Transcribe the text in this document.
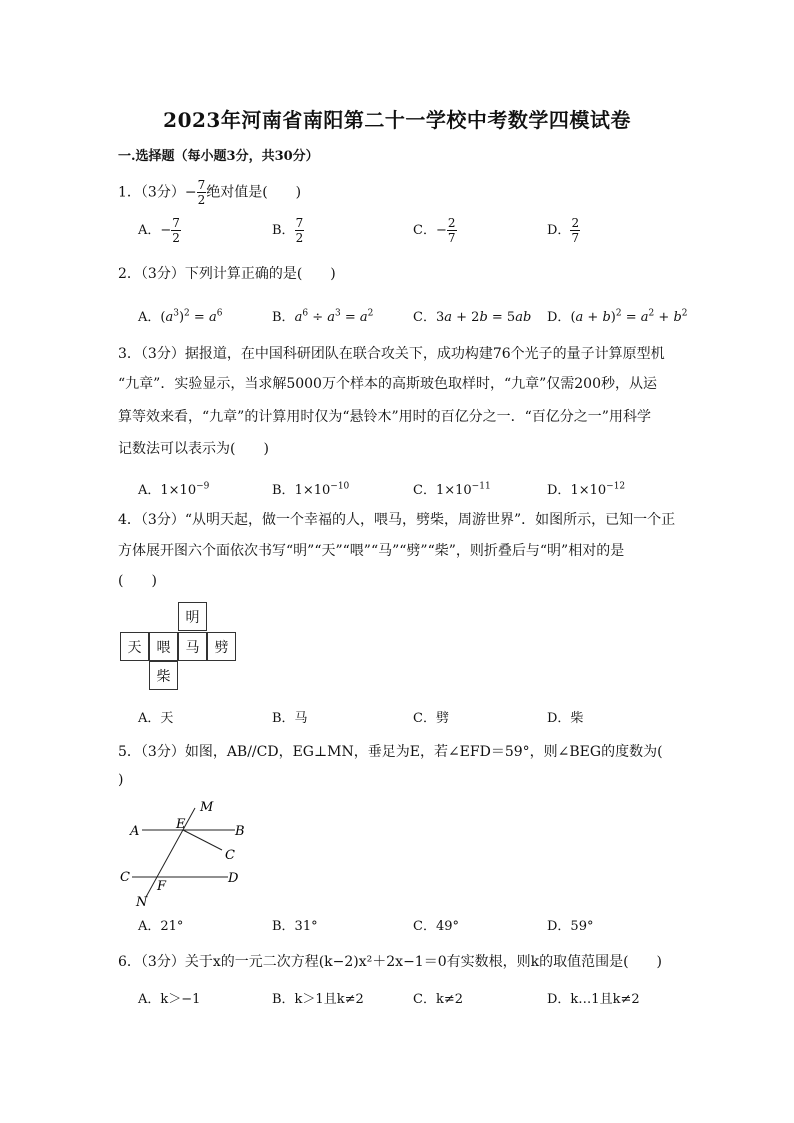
2023年河南省南阳第二十一学校中考数学四模试卷
一.选择题（每小题3分，共30分）
1．（3分）− $\frac{7}{2}$ 绝对值是(　　)
A．− $\frac{7}{2}$	B． $\frac{7}{2}$	C．− $\frac{2}{7}$	D． $\frac{2}{7}$
2．（3分）下列计算正确的是(　　)
A．$(a^3)^2 = a^6$	B．$a^6 \div a^3 = a^2$	C．3a + 2b = 5ab D．$(a + b)^2 = a^2 + b^2$
3．（3分）据报道，在中国科研团队在联合攻关下，成功构建76个光子的量子计算原型机
“九章”．实验显示，当求解5000万个样本的高斯玻色取样时，“九章”仅需200秒，从运
算等效来看，“九章”的计算用时仅为“悬铃木”用时的百亿分之一．“百亿分之一”用科学
记数法可以表示为(　　)
A．$1\times 10^{-9}$	B．$1\times 10^{-10}$	C．$1\times 10^{-11}$	D．$1\times 10^{-12}$
4．（3分）“从明天起，做一个幸福的人，喂马，劈柴，周游世界”．如图所示，已知一个正
方体展开图六个面依次书写“明”“天”“喂”“马”“劈”“柴”，则折叠后与“明”相对的是
(　　)
明
天	喂	马	劈
柴
A．天	B．马	C．劈	D．柴
5．（3分）如图，AB//CD，EG⊥MN，垂足为E，若∠EFD＝59°，则∠BEG的度数为(
)
M
E
A	B
C
C
F
D
N
A．21°	B．31°	C．49°	D．59°
6．（3分）关于x的一元二次方程(k−2)x²＋2x−1＝0有实数根，则k的取值范围是(　　)
A．k＞−1	B．k＞1且k≠2	C．k≠2	D．k…1且k≠2
